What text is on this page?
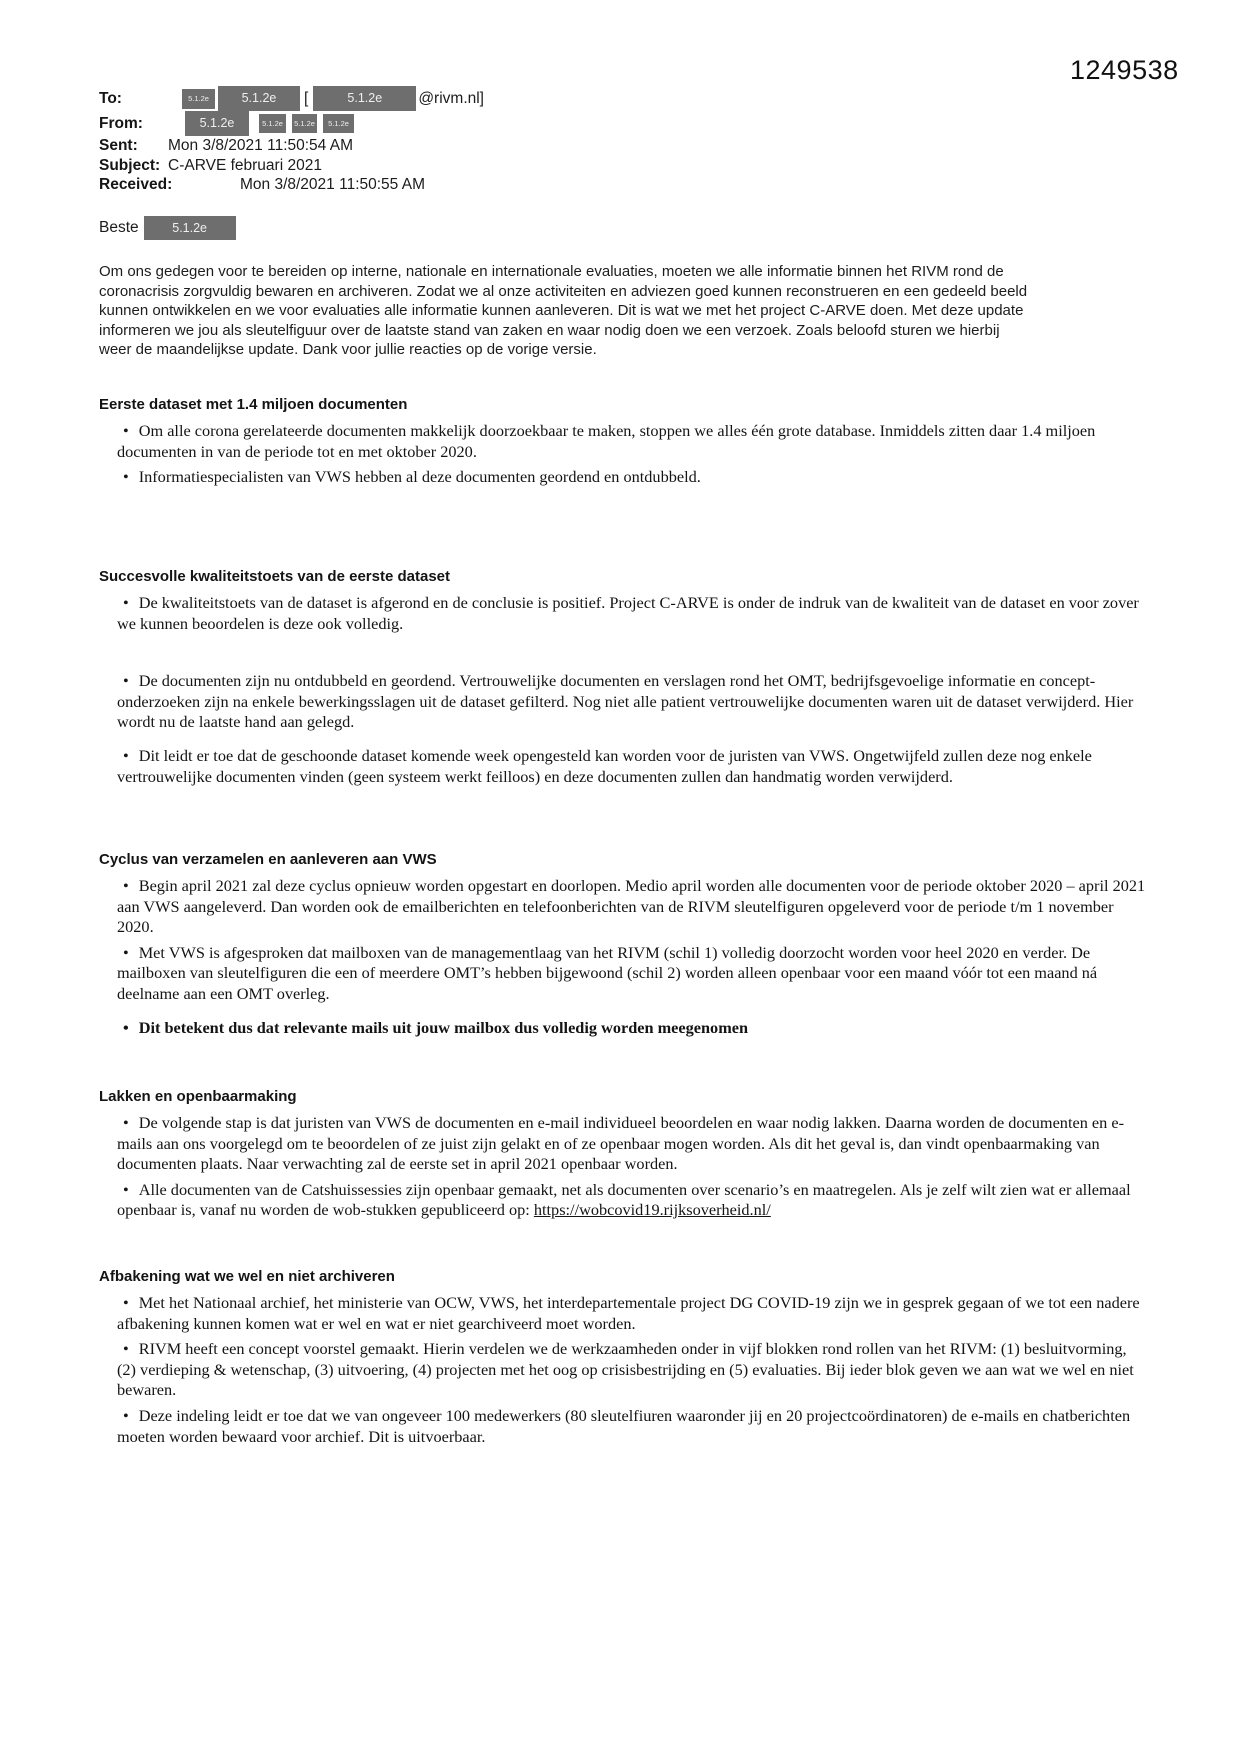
1249538
To:	5.1.2e	5.1.2e [	5.1.2e @rivm.nl]
From:	5.1.2e	5.1.2e 5.1.2e 5.1.2e
Sent: Mon 3/8/2021 11:50:54 AM
Subject: C-ARVE februari 2021
Received:	Mon 3/8/2021 11:50:55 AM
Beste	5.1.2e
Om ons gedegen voor te bereiden op interne, nationale en internationale evaluaties, moeten we alle informatie binnen het RIVM rond de coronacrisis zorgvuldig bewaren en archiveren. Zodat we al onze activiteiten en adviezen goed kunnen reconstrueren en een gedeeld beeld kunnen ontwikkelen en we voor evaluaties alle informatie kunnen aanleveren. Dit is wat we met het project C-ARVE doen. Met deze update informeren we jou als sleutelfiguur over de laatste stand van zaken en waar nodig doen we een verzoek. Zoals beloofd sturen we hierbij weer de maandelijkse update. Dank voor jullie reacties op de vorige versie.
Eerste dataset met 1.4 miljoen documenten
• Om alle corona gerelateerde documenten makkelijk doorzoekbaar te maken, stoppen we alles één grote database. Inmiddels zitten daar 1.4 miljoen documenten in van de periode tot en met oktober 2020.
• Informatiespecialisten van VWS hebben al deze documenten geordend en ontdubbeld.
Succesvolle kwaliteitstoets van de eerste dataset
• De kwaliteitstoets van de dataset is afgerond en de conclusie is positief. Project C-ARVE is onder de indruk van de kwaliteit van de dataset en voor zover we kunnen beoordelen is deze ook volledig.
• De documenten zijn nu ontdubbeld en geordend. Vertrouwelijke documenten en verslagen rond het OMT, bedrijfsgevoelige informatie en concept-onderzoeken zijn na enkele bewerkingsslagen uit de dataset gefilterd. Nog niet alle patient vertrouwelijke documenten waren uit de dataset verwijderd. Hier wordt nu de laatste hand aan gelegd.
• Dit leidt er toe dat de geschoonde dataset komende week opengesteld kan worden voor de juristen van VWS. Ongetwijfeld zullen deze nog enkele vertrouwelijke documenten vinden (geen systeem werkt feilloos) en deze documenten zullen dan handmatig worden verwijderd.
Cyclus van verzamelen en aanleveren aan VWS
• Begin april 2021 zal deze cyclus opnieuw worden opgestart en doorlopen. Medio april worden alle documenten voor de periode oktober 2020 – april 2021 aan VWS aangeleverd. Dan worden ook de emailberichten en telefoonberichten van de RIVM sleutelfiguren opgeleverd voor de periode t/m 1 november 2020.
• Met VWS is afgesproken dat mailboxen van de managementlaag van het RIVM (schil 1) volledig doorzocht worden voor heel 2020 en verder. De mailboxen van sleutelfiguren die een of meerdere OMT’s hebben bijgewoond (schil 2) worden alleen openbaar voor een maand vóór tot een maand ná deelname aan een OMT overleg.
• Dit betekent dus dat relevante mails uit jouw mailbox dus volledig worden meegenomen
Lakken en openbaarmaking
• De volgende stap is dat juristen van VWS de documenten en e-mail individueel beoordelen en waar nodig lakken. Daarna worden de documenten en e-mails aan ons voorgelegd om te beoordelen of ze juist zijn gelakt en of ze openbaar mogen worden. Als dit het geval is, dan vindt openbaarmaking van documenten plaats. Naar verwachting zal de eerste set in april 2021 openbaar worden.
• Alle documenten van de Catshuissessies zijn openbaar gemaakt, net als documenten over scenario’s en maatregelen. Als je zelf wilt zien wat er allemaal openbaar is, vanaf nu worden de wob-stukken gepubliceerd op: https://wobcovid19.rijksoverheid.nl/
Afbakening wat we wel en niet archiveren
• Met het Nationaal archief, het ministerie van OCW, VWS, het interdepartementale project DG COVID-19 zijn we in gesprek gegaan of we tot een nadere afbakening kunnen komen wat er wel en wat er niet gearchiveerd moet worden.
• RIVM heeft een concept voorstel gemaakt. Hierin verdelen we de werkzaamheden onder in vijf blokken rond rollen van het RIVM: (1) besluitvorming, (2) verdieping & wetenschap, (3) uitvoering, (4) projecten met het oog op crisisbestrijding en (5) evaluaties. Bij ieder blok geven we aan wat we wel en niet bewaren.
• Deze indeling leidt er toe dat we van ongeveer 100 medewerkers (80 sleutelfiuren waaronder jij en 20 projectcoördinatoren) de e-mails en chatberichten moeten worden bewaard voor archief. Dit is uitvoerbaar.
